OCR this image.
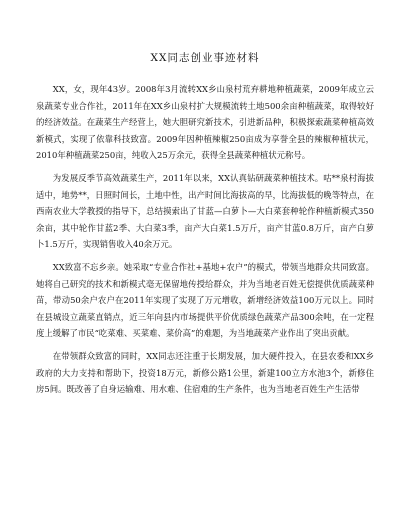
XX同志创业事迹材料

XX，女，现年43岁。2008年3月流转XX乡山泉村荒弃耕地种植蔬菜，2009年成立云泉蔬菜专业合作社，2011年在XX乡山泉村扩大规模流转土地500余亩种植蔬菜，取得较好的经济效益。在蔬菜生产经营上，她大胆研究新技术，引进新品种，积极探索蔬菜种植高效新模式，实现了依靠科技致富。2009年因种植辣椒250亩成为享誉全县的辣椒种植状元，2010年种植蔬菜250亩，纯收入25万余元，获得全县蔬菜种植状元称号。

为发展反季节高效蔬菜生产，2011年以来，XX认真钻研蔬菜种植技术。咕**泉村海拔适中，地势**，日照时间长，土地中性，出产时间比海拔高的早，比海拔低的晚等特点，在西南农业大学教授的指导下，总结摸索出了甘蓝—白萝卜—大白菜套种轮作种植新模式350余亩，其中轮作甘蓝2季、大白菜3季，亩产大白菜1.5万斤，亩产甘蓝0.8万斤，亩产白萝卜1.5万斤，实现销售收入40余万元。

XX致富不忘乡亲。她采取“专业合作社+基地+农户”的模式，带领当地群众共同致富。她将自己研究的技术和新模式毫无保留地传授给群众，并为当地老百姓无偿提供优质蔬菜种苗，带动50余户农户在2011年实现了实现了万元增收，新增经济效益100万元以上。同时在县城设立蔬菜直销点，近三年向县内市场提供平价优质绿色蔬菜产品300余吨，在一定程度上缓解了市民“吃菜难、买菜难、菜价高”的难题，为当地蔬菜产业作出了突出贡献。

在带领群众致富的同时，XX同志还注重于长期发展，加大硬件投入，在县农委和XX乡政府的大力支持和帮助下，投资18万元，新修公路1公里，新建100立方水池3个，新修住房5间。既改善了自身运输难、用水难、住宿难的生产条件，也为当地老百姓生产生活带
